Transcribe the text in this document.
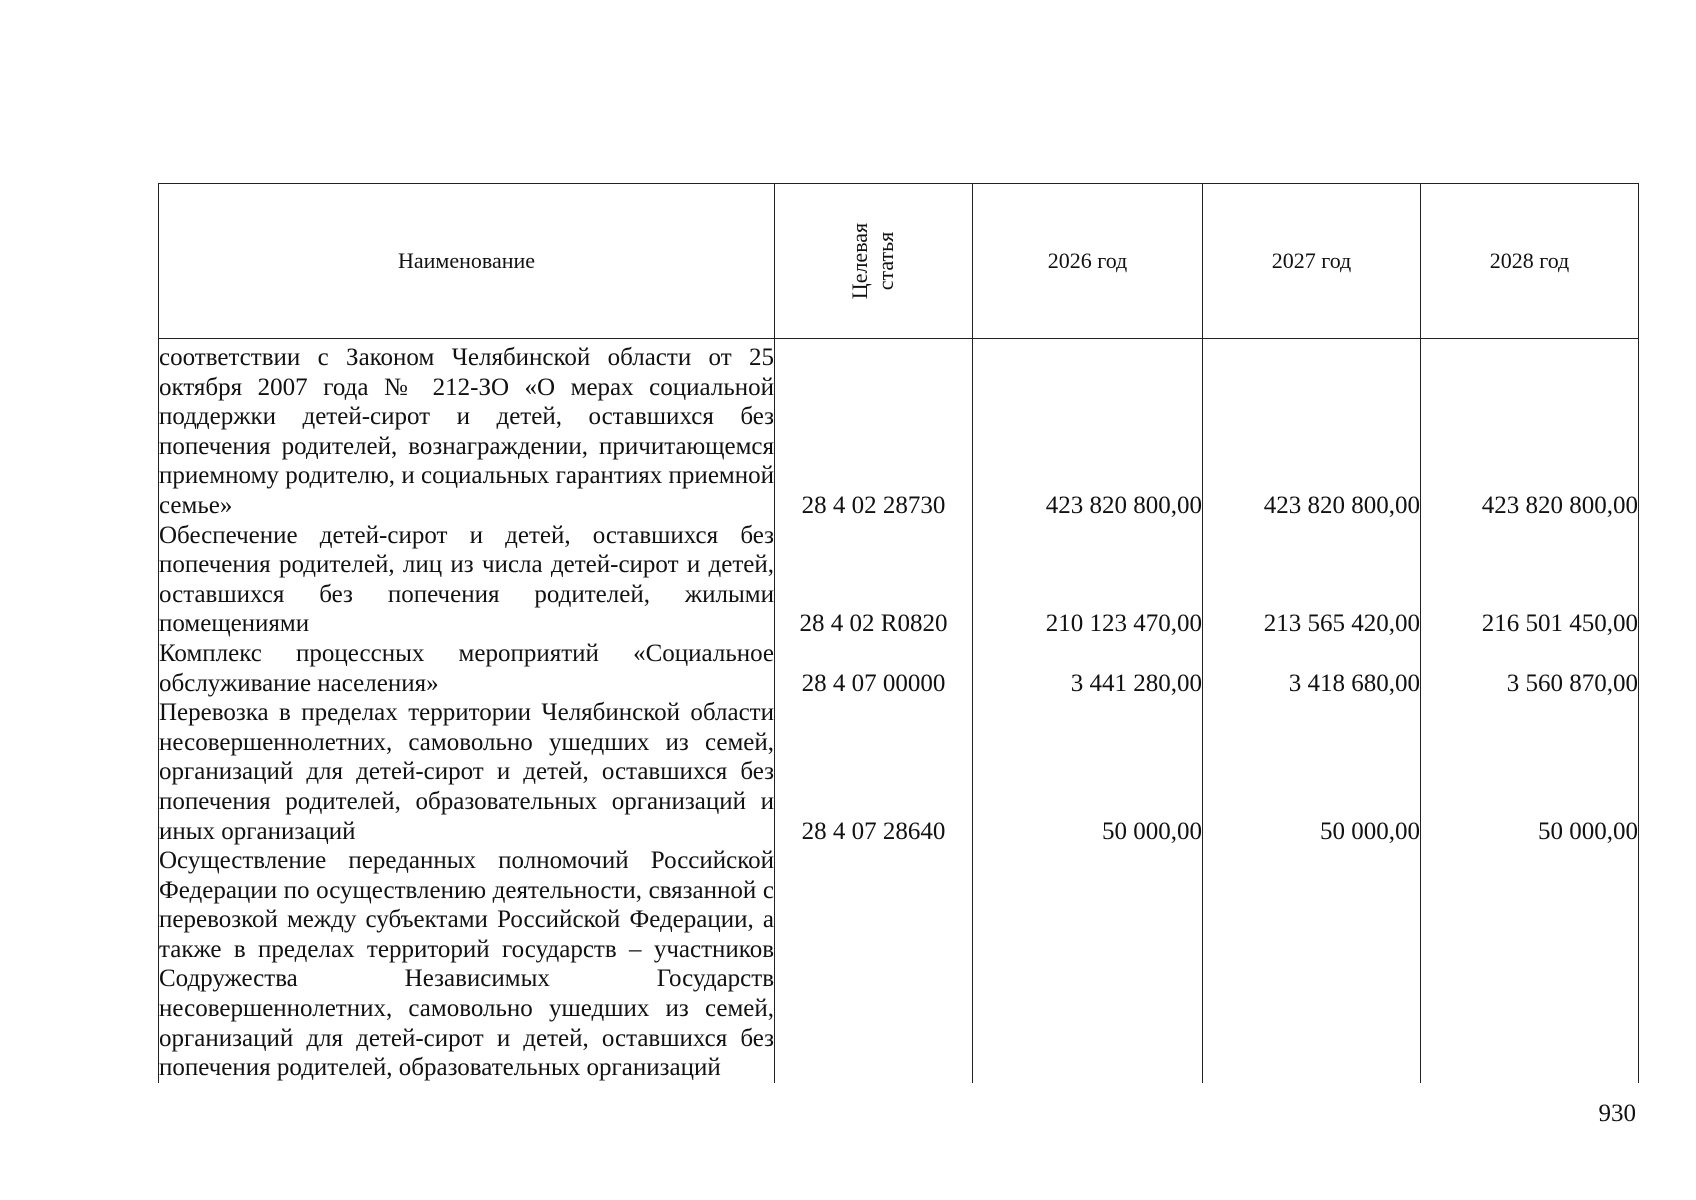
Наименование	Целевая статья	2026 год	2027 год	2028 год
соответствии с Законом Челябинской области от 25 октября 2007 года № 212-ЗО «О мерах социальной поддержки детей-сирот и детей, оставшихся без попечения родителей, вознаграждении, причитающемся приемному родителю, и социальных гарантиях приемной семье»	28 4 02 28730	423 820 800,00	423 820 800,00	423 820 800,00
Обеспечение детей-сирот и детей, оставшихся без попечения родителей, лиц из числа детей-сирот и детей, оставшихся без попечения родителей, жилыми помещениями	28 4 02 R0820	210 123 470,00	213 565 420,00	216 501 450,00
Комплекс процессных мероприятий «Социальное обслуживание населения»	28 4 07 00000	3 441 280,00	3 418 680,00	3 560 870,00
Перевозка в пределах территории Челябинской области несовершеннолетних, самовольно ушедших из семей, организаций для детей-сирот и детей, оставшихся без попечения родителей, образовательных организаций и иных организаций	28 4 07 28640	50 000,00	50 000,00	50 000,00
Осуществление переданных полномочий Российской Федерации по осуществлению деятельности, связанной с перевозкой между субъектами Российской Федерации, а также в пределах территорий государств – участников Содружества Независимых Государств несовершеннолетних, самовольно ушедших из семей, организаций для детей-сирот и детей, оставшихся без попечения родителей, образовательных организаций				
930
